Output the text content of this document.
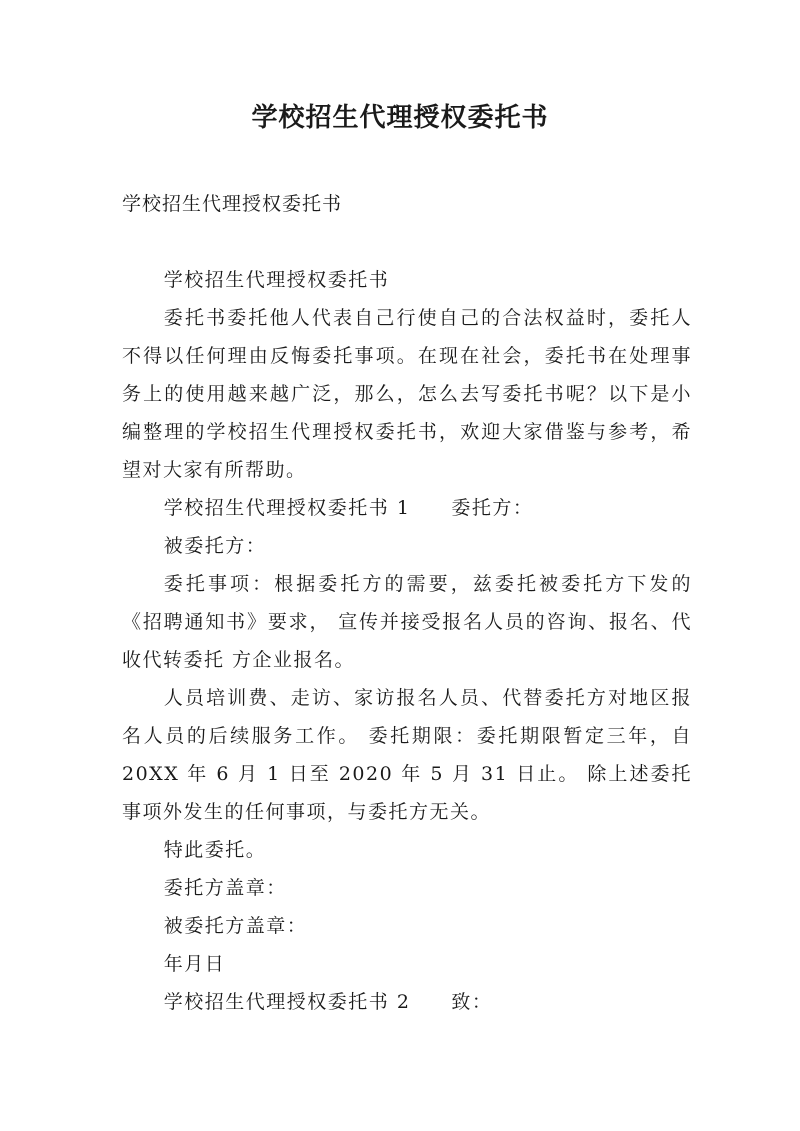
学校招生代理授权委托书

学校招生代理授权委托书

学校招生代理授权委托书

委托书委托他人代表自己行使自己的合法权益时，委托人不得以任何理由反悔委托事项。在现在社会，委托书在处理事务上的使用越来越广泛，那么，怎么去写委托书呢？以下是小编整理的学校招生代理授权委托书，欢迎大家借鉴与参考，希望对大家有所帮助。

学校招生代理授权委托书 1　　委托方：

被委托方：

委托事项：根据委托方的需要，兹委托被委托方下发的《招聘通知书》要求， 宣传并接受报名人员的咨询、报名、代收代转委托 方企业报名。

人员培训费、走访、家访报名人员、代替委托方对地区报名人员的后续服务工作。 委托期限：委托期限暂定三年，自 20XX 年 6 月 1 日至 2020 年 5 月 31 日止。 除上述委托事项外发生的任何事项，与委托方无关。

特此委托。

委托方盖章：

被委托方盖章：

年月日

学校招生代理授权委托书 2　　致：
